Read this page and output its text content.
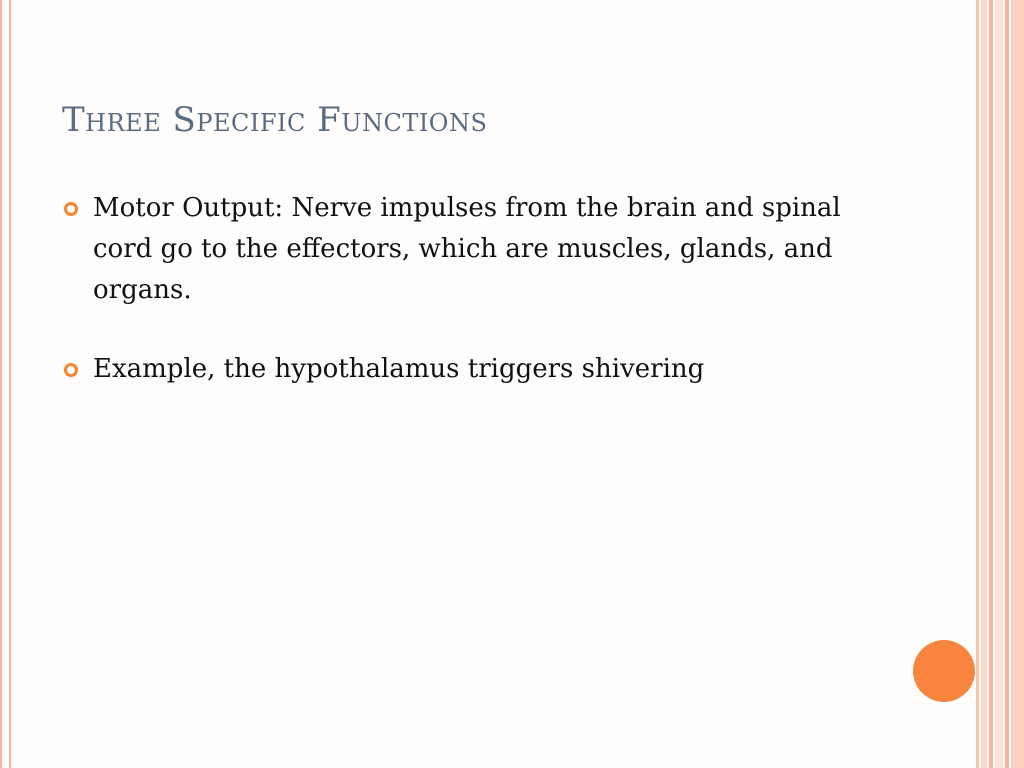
Three Specific Functions
Motor Output: Nerve impulses from the brain and spinal cord go to the effectors, which are muscles, glands, and organs.
Example, the hypothalamus triggers shivering
